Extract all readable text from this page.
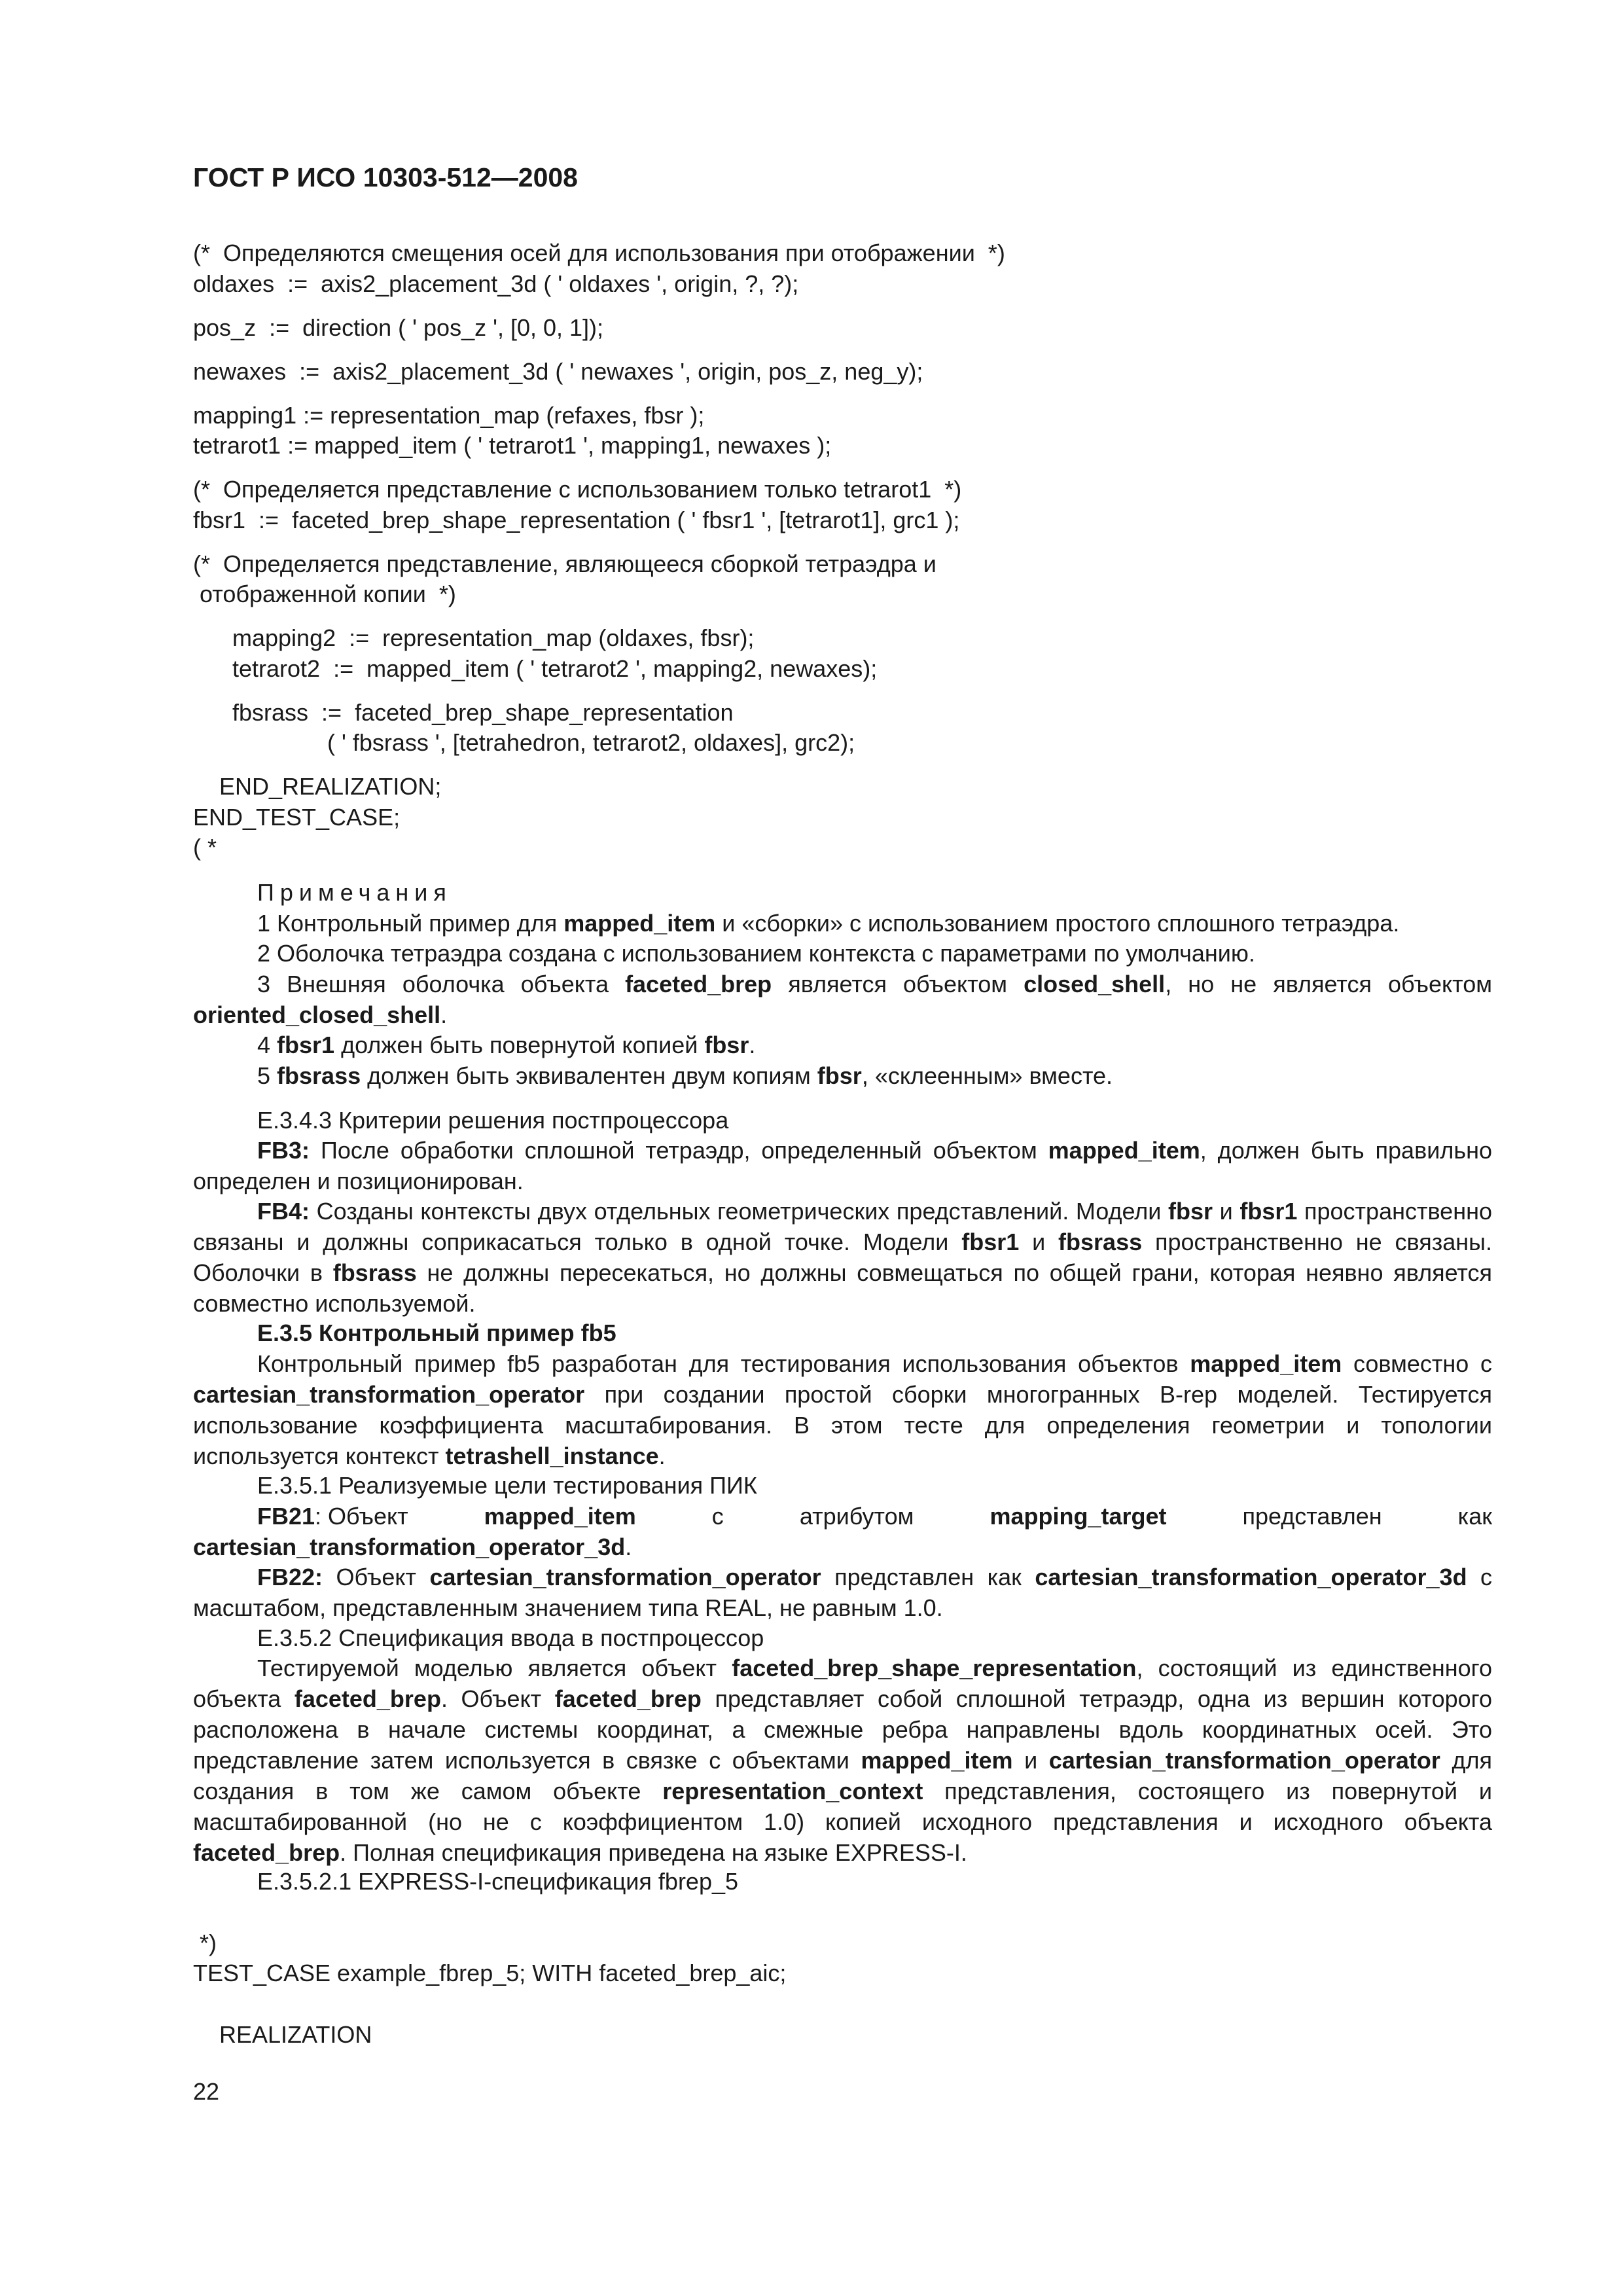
ГОСТ Р ИСО 10303-512—2008
(*  Определяются смещения осей для использования при отображении  *)
oldaxes  :=  axis2_placement_3d ( ' oldaxes ', origin, ?, ?);
pos_z  :=  direction ( ' pos_z ', [0, 0, 1]);
newaxes  :=  axis2_placement_3d ( ' newaxes ', origin, pos_z, neg_y);
mapping1 := representation_map (refaxes, fbsr );
tetrarot1 := mapped_item ( ' tetrarot1 ', mapping1, newaxes );
(*  Определяется представление с использованием только tetrarot1  *)
fbsr1  :=  faceted_brep_shape_representation ( ' fbsr1 ', [tetrarot1], grc1 );
(*  Определяется представление, являющееся сборкой тетраэдра и
отображенной копии  *)
mapping2  :=  representation_map (oldaxes, fbsr);
tetrarot2  :=  mapped_item ( ' tetrarot2 ', mapping2, newaxes);
fbsrass  :=  faceted_brep_shape_representation
( ' fbsrass ', [tetrahedron, tetrarot2, oldaxes], grc2);
END_REALIZATION;
END_TEST_CASE;
( *
Примечания
1 Контрольный пример для mapped_item и «сборки» с использованием простого сплошного тетраэдра.
2 Оболочка тетраэдра создана с использованием контекста с параметрами по умолчанию.
3 Внешняя оболочка объекта faceted_brep является объектом closed_shell, но не является объектом oriented_closed_shell.
4 fbsr1 должен быть повернутой копией fbsr.
5 fbsrass должен быть эквивалентен двум копиям fbsr, «склеенным» вместе.
E.3.4.3 Критерии решения постпроцессора
FB3: После обработки сплошной тетраэдр, определенный объектом mapped_item, должен быть правильно определен и позиционирован.
FB4: Созданы контексты двух отдельных геометрических представлений. Модели fbsr и fbsr1 пространственно связаны и должны соприкасаться только в одной точке. Модели fbsr1 и fbsrass пространственно не связаны. Оболочки в fbsrass не должны пересекаться, но должны совмещаться по общей грани, которая неявно является совместно используемой.
E.3.5 Контрольный пример fb5
Контрольный пример fb5 разработан для тестирования использования объектов mapped_item совместно с cartesian_transformation_operator при создании простой сборки многогранных B-rep моделей. Тестируется использование коэффициента масштабирования. В этом тесте для определения геометрии и топологии используется контекст tetrashell_instance.
E.3.5.1 Реализуемые цели тестирования ПИК
FB21: Объект	mapped_item	с	атрибутом	mapping_target	представлен	как
cartesian_transformation_operator_3d.
FB22: Объект cartesian_transformation_operator представлен как cartesian_transformation_operator_3d с масштабом, представленным значением типа REAL, не равным 1.0.
E.3.5.2 Спецификация ввода в постпроцессор
Тестируемой моделью является объект faceted_brep_shape_representation, состоящий из единственного объекта faceted_brep. Объект faceted_brep представляет собой сплошной тетраэдр, одна из вершин которого расположена в начале системы координат, а смежные ребра направлены вдоль координатных осей. Это представление затем используется в связке с объектами mapped_item и cartesian_transformation_operator для создания в том же самом объекте representation_context представления, состоящего из повернутой и масштабированной (но не с коэффициентом 1.0) копией исходного представления и исходного объекта faceted_brep. Полная спецификация приведена на языке EXPRESS-I.
E.3.5.2.1 EXPRESS-I-спецификация fbrep_5
*)
TEST_CASE example_fbrep_5; WITH faceted_brep_aic;
REALIZATION
22
